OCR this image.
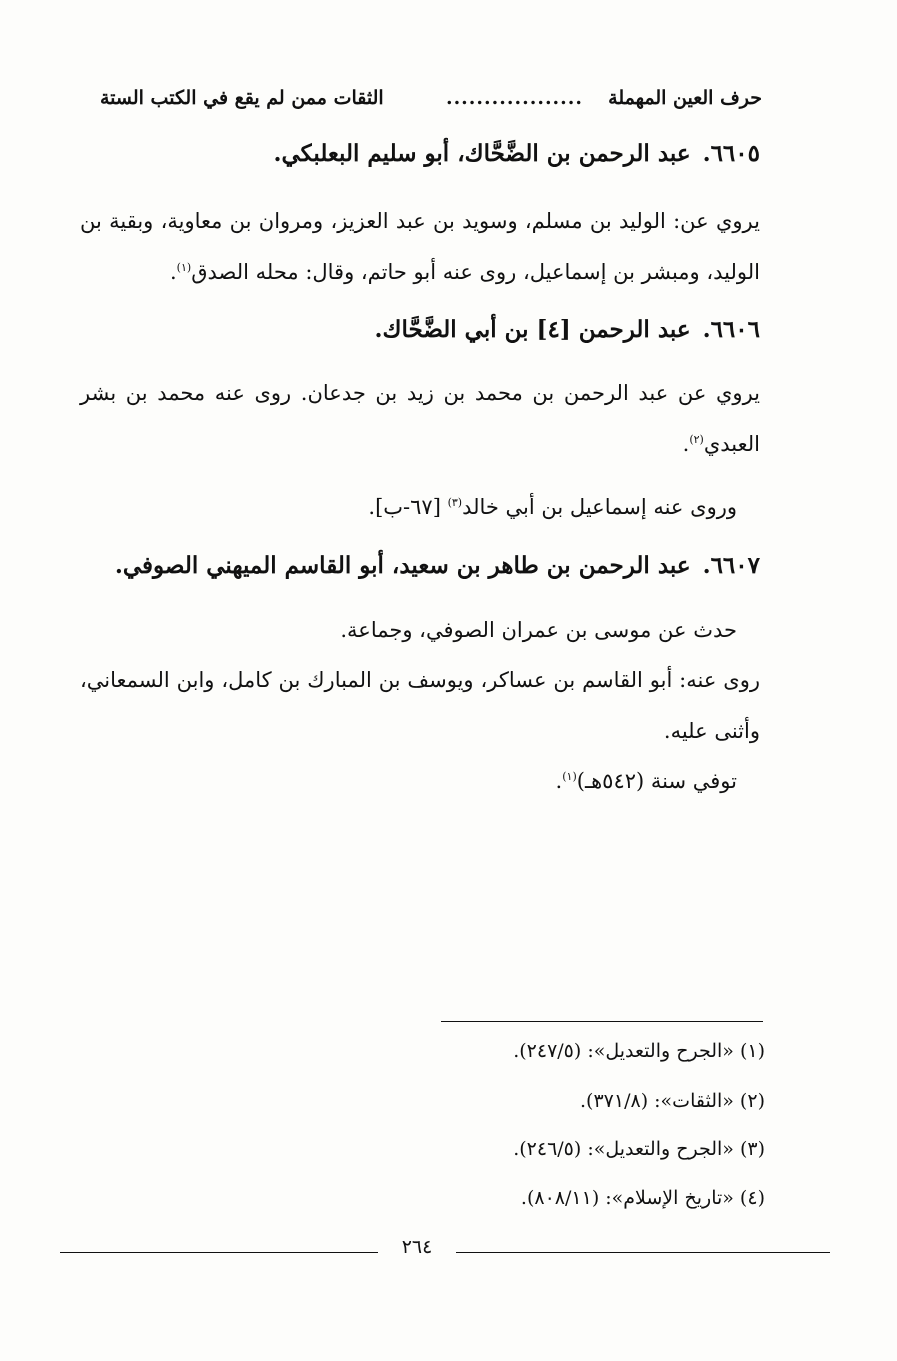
حرف العين المهملة
..................
الثقات ممن لم يقع في الكتب الستة
٦٦٠٥.عبد الرحمن بن الضَّحَّاك، أبو سليم البعلبكي.
يروي عن: الوليد بن مسلم، وسويد بن عبد العزيز، ومروان بن معاوية، وبقية بن الوليد، ومبشر بن إسماعيل، روى عنه أبو حاتم، وقال: محله الصدق$^{(١)}$.
٦٦٠٦.عبد الرحمن [٤] بن أبي الضَّحَّاك.
يروي عن عبد الرحمن بن محمد بن زيد بن جدعان. روى عنه محمد بن بشر العبدي$^{(٢)}$.
وروى عنه إسماعيل بن أبي خالد$^{(٣)}$ [٦٧-ب].
٦٦٠٧.عبد الرحمن بن طاهر بن سعيد، أبو القاسم الميهني الصوفي.
حدث عن موسى بن عمران الصوفي، وجماعة.
روى عنه: أبو القاسم بن عساكر، ويوسف بن المبارك بن كامل، وابن السمعاني، وأثنى عليه.
توفي سنة (٥٤٢هـ)$^{(١)}$.
(١) «الجرح والتعديل»: (٢٤٧/٥).
(٢) «الثقات»: (٣٧١/٨).
(٣) «الجرح والتعديل»: (٢٤٦/٥).
(٤) «تاريخ الإسلام»: (٨٠٨/١١).
٢٦٤
